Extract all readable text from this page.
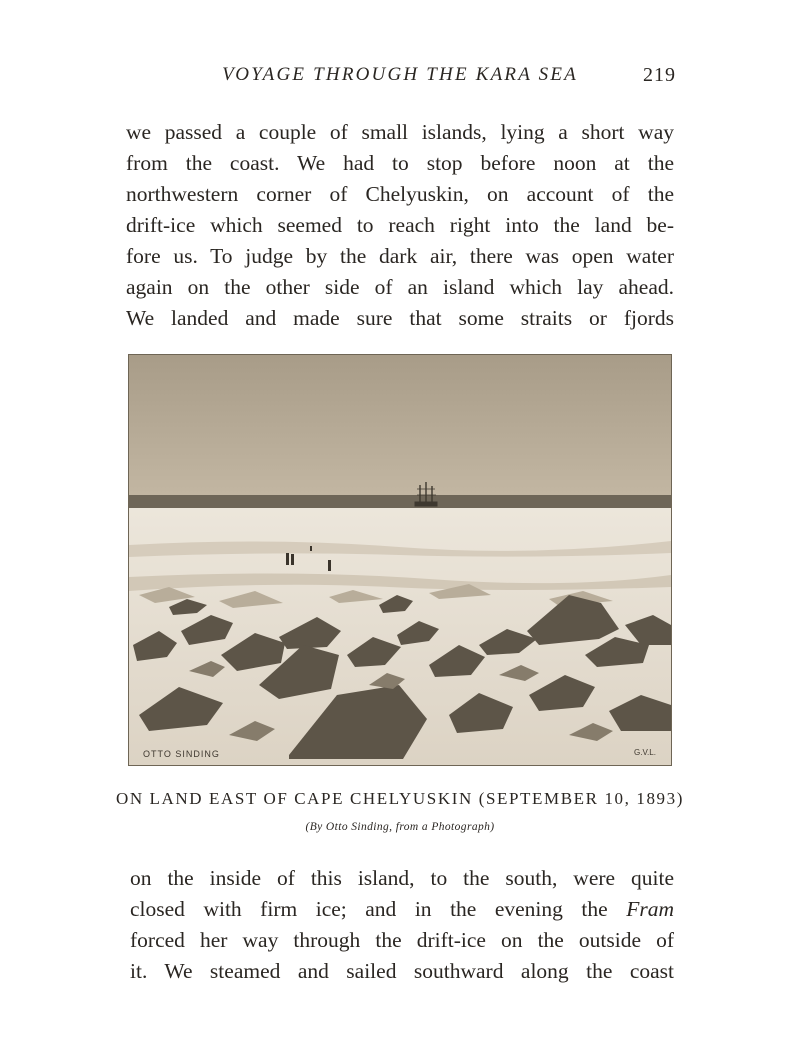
VOYAGE THROUGH THE KARA SEA	219
we passed a couple of small islands, lying a short way
from the coast. We had to stop before noon at the
northwestern corner of Chelyuskin, on account of the
drift-ice which seemed to reach right into the land be-
fore us. To judge by the dark air, there was open water
again on the other side of an island which lay ahead.
We landed and made sure that some straits or fjords
OTTO SINDING	G.V.L.
ON LAND EAST OF CAPE CHELYUSKIN (SEPTEMBER 10, 1893)
(By Otto Sinding, from a Photograph)
on the inside of this island, to the south, were quite
closed with firm ice; and in the evening the Fram
forced her way through the drift-ice on the outside of
it. We steamed and sailed southward along the coast
